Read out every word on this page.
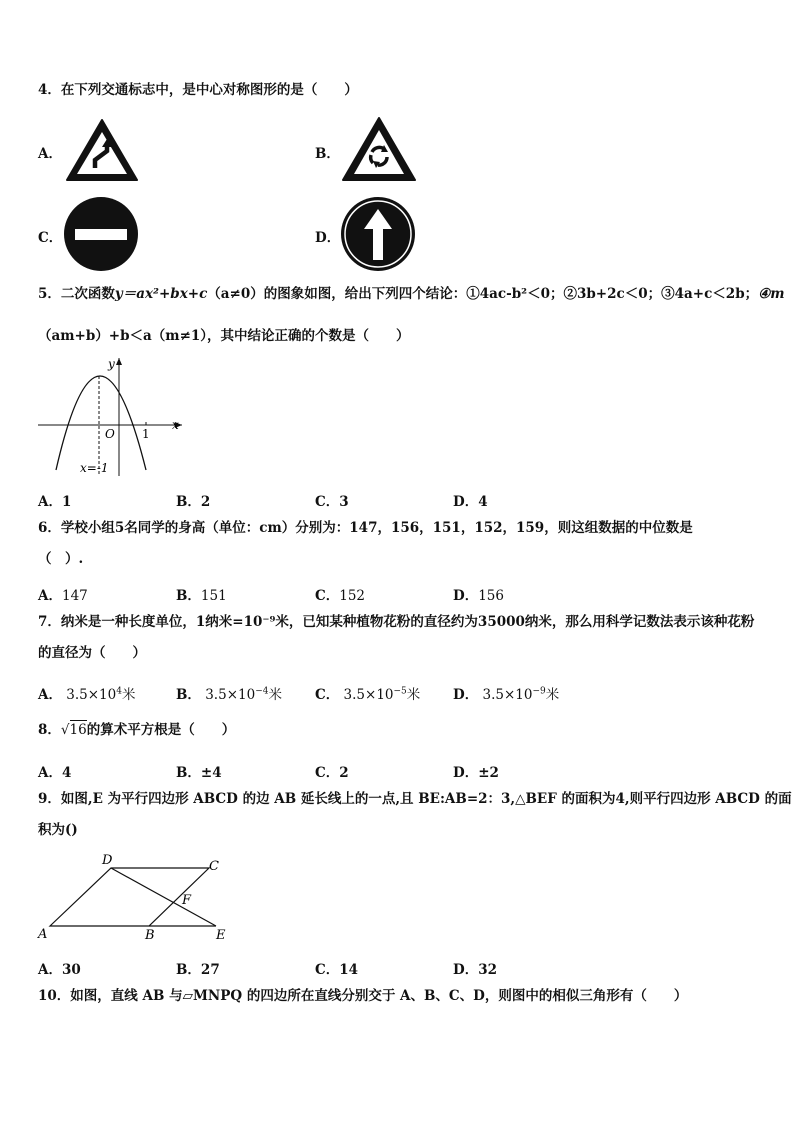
4．在下列交通标志中，是中心对称图形的是（　　）
A．	B．
C．	D．
5．二次函数y＝ax²+bx+c（a≠0）的图象如图，给出下列四个结论：①4ac-b²＜0；②3b+2c＜0；③4a+c＜2b；④m
（am+b）+b＜a（m≠1），其中结论正确的个数是（　　）
y
x
O 1
x=-1
A．1	B．2	C．3	D．4
6．学校小组5名同学的身高（单位：cm）分别为：147，156，151，152，159，则这组数据的中位数是
（　）.
A．147	B．151	C．152	D．156
7．纳米是一种长度单位，1纳米=10⁻⁹米，已知某种植物花粉的直径约为35000纳米，那么用科学记数法表示该种花粉
的直径为（　　）
A． $3.5\times 10^4$米	B． $3.5\times 10^{-4}$米 C． $3.5\times 10^{-5}$米 D． $3.5\times 10^{-9}$米
8．√16的算术平方根是（　　）
A．4	B．±4	C．2	D．±2
9．如图,E 为平行四边形 ABCD 的边 AB 延长线上的一点,且 BE:AB=2：3,△BEF 的面积为4,则平行四边形 ABCD 的面
积为()
D	C
F
A	B	E
A．30	B．27	C．14	D．32
10．如图，直线 AB 与▱MNPQ 的四边所在直线分别交于 A、B、C、D，则图中的相似三角形有（　　）
